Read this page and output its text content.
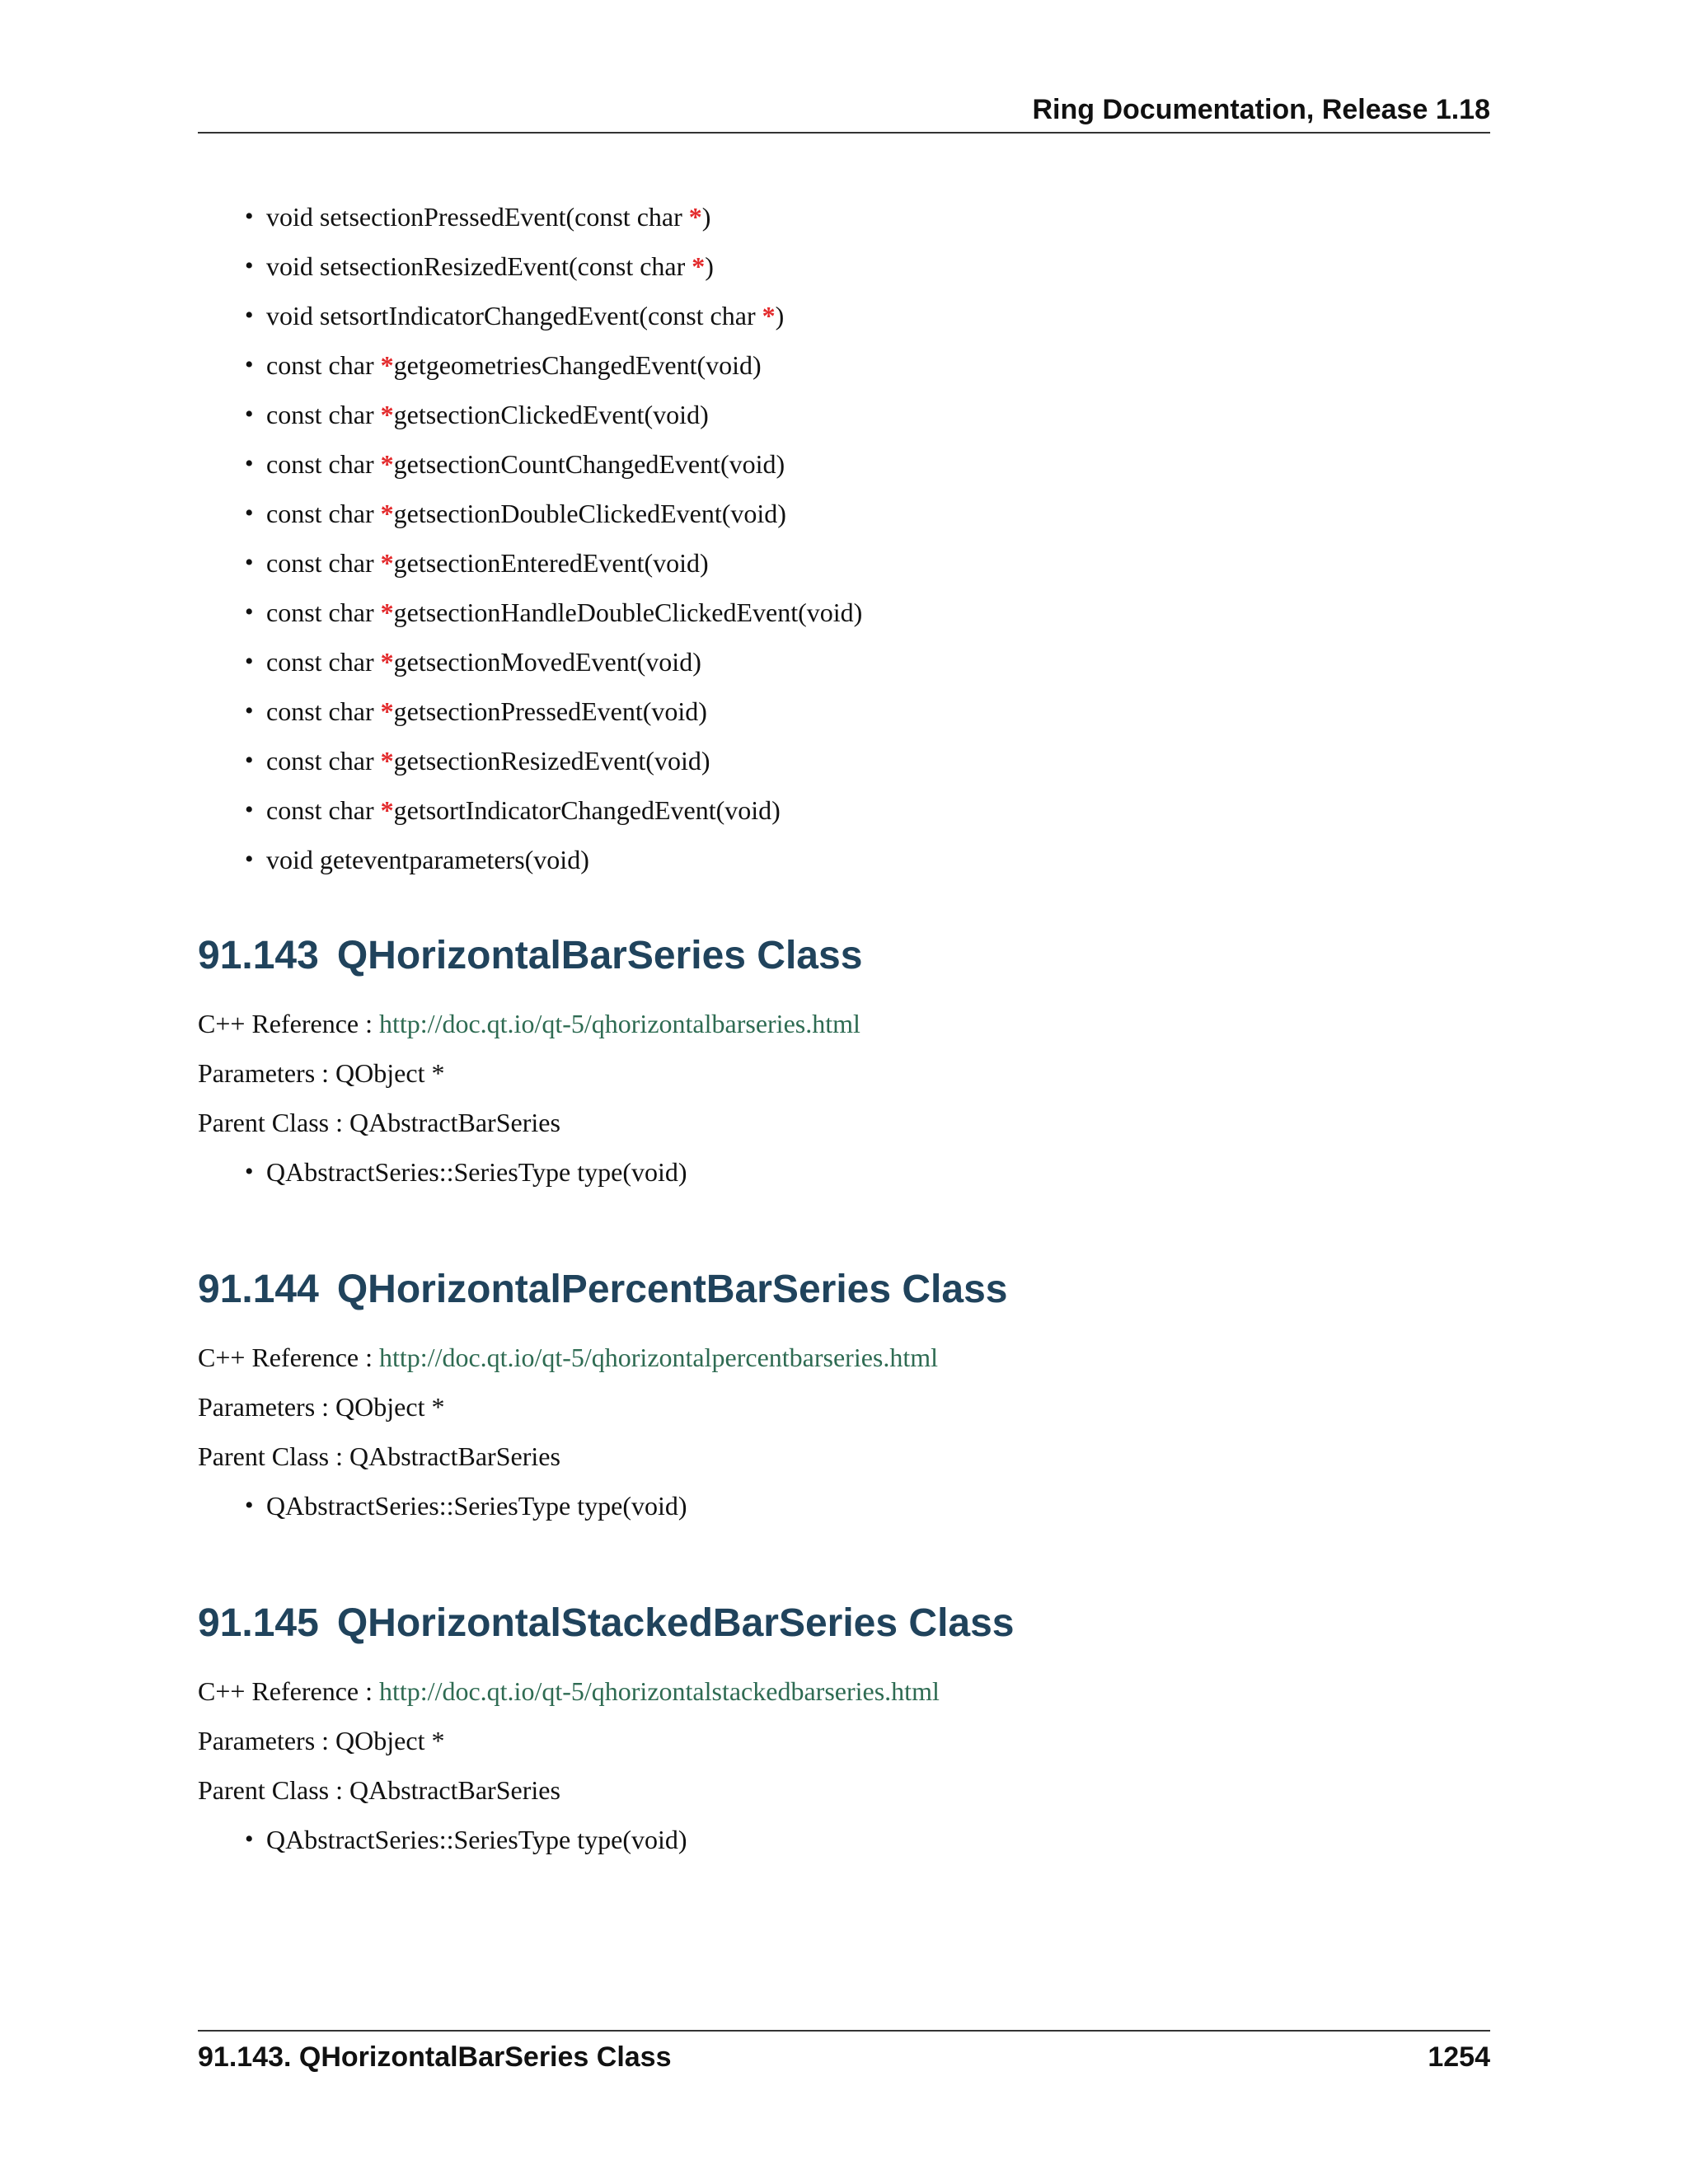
Ring Documentation, Release 1.18
• void setsectionPressedEvent(const char *)
• void setsectionResizedEvent(const char *)
• void setsortIndicatorChangedEvent(const char *)
• const char *getgeometriesChangedEvent(void)
• const char *getsectionClickedEvent(void)
• const char *getsectionCountChangedEvent(void)
• const char *getsectionDoubleClickedEvent(void)
• const char *getsectionEnteredEvent(void)
• const char *getsectionHandleDoubleClickedEvent(void)
• const char *getsectionMovedEvent(void)
• const char *getsectionPressedEvent(void)
• const char *getsectionResizedEvent(void)
• const char *getsortIndicatorChangedEvent(void)
• void geteventparameters(void)
91.143 QHorizontalBarSeries Class

C++ Reference : http://doc.qt.io/qt-5/qhorizontalbarseries.html

Parameters : QObject *

Parent Class : QAbstractBarSeries

• QAbstractSeries::SeriesType type(void)
91.144 QHorizontalPercentBarSeries Class

C++ Reference : http://doc.qt.io/qt-5/qhorizontalpercentbarseries.html

Parameters : QObject *

Parent Class : QAbstractBarSeries

• QAbstractSeries::SeriesType type(void)
91.145 QHorizontalStackedBarSeries Class

C++ Reference : http://doc.qt.io/qt-5/qhorizontalstackedbarseries.html

Parameters : QObject *

Parent Class : QAbstractBarSeries

• QAbstractSeries::SeriesType type(void)
91.143. QHorizontalBarSeries Class	1254
